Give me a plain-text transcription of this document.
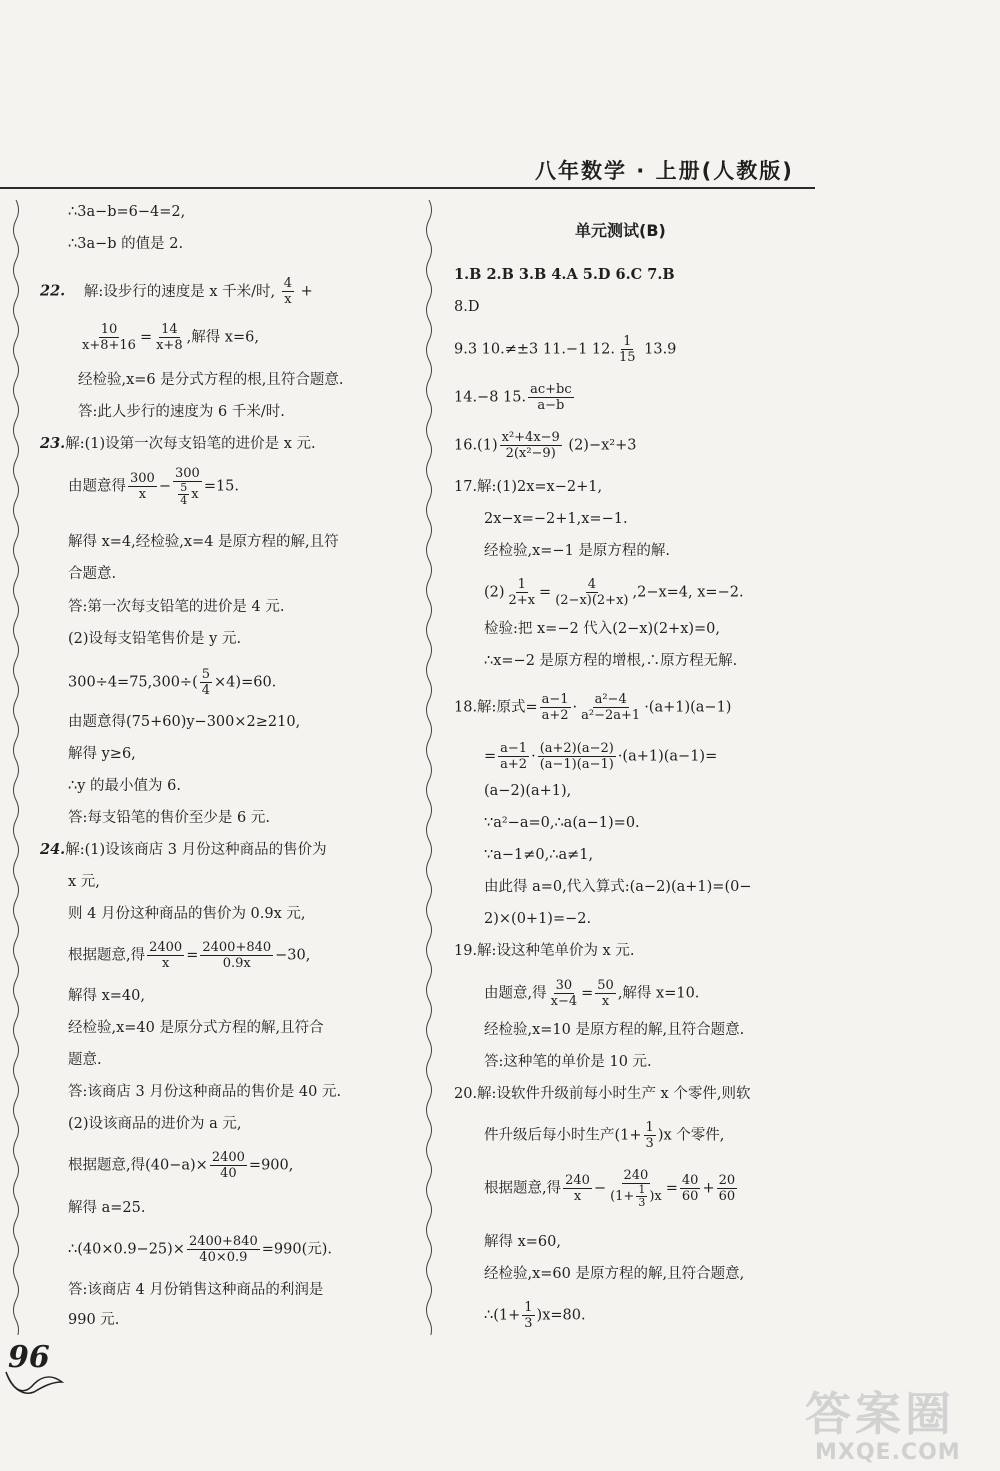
八年数学 · 上册(人教版)
∴3a−b=6−4=2,
∴3a−b 的值是 2.
22. 解:设步行的速度是 x 千米/时, $\frac{4}{x}$ +
$\frac{10}{x+8+16} = \frac{14}{x+8}$ ,解得 x=6,
经检验,x=6 是分式方程的根,且符合题意.
答:此人步行的速度为 6 千米/时.
23.解:(1)设第一次每支铅笔的进价是 x 元.
由题意得 $\frac{300}{x} - \frac{300}{\frac{5}{4} x} =15$.
解得 x=4,经检验,x=4 是原方程的解,且符
合题意.
答:第一次每支铅笔的进价是 4 元.
(2)设每支铅笔售价是 y 元.
$300\div 4=75,300\div( \frac{5}{4} \times 4)=60$.
由题意得(75+60)y−300×2≥210,
解得 y≥6,
∴y 的最小值为 6.
答:每支铅笔的售价至少是 6 元.
24.解:(1)设该商店 3 月份这种商品的售价为
x 元,
则 4 月份这种商品的售价为 0.9x 元,
根据题意,得 $\frac{2400}{x} = \frac{2400+840}{0.9x} -30$,
解得 x=40,
经检验,x=40 是原分式方程的解,且符合
题意.
答:该商店 3 月份这种商品的售价是 40 元.
(2)设该商品的进价为 a 元,
根据题意,得$(40-a)\times \frac{2400}{40} =900$,
解得 a=25.
∴(40×0.9−25)× $\frac{2400+840}{40\times 0.9} =990$(元).
答:该商店 4 月份销售这种商品的利润是
990 元.
单元测试(B)
1.B 2.B 3.B 4.A 5.D 6.C 7.B
8.D
9.3 10.≠±3 11.−1 12. $\frac{1}{15} 13.9$
14.−8 15. $\frac{ac+bc}{a-b}$
$16.(1) \frac{\text{x²+4x−9}}{\text{2(x²−9)}} (2)-x^2+3$
17.解:(1)2x=x−2+1,
2x−x=−2+1,x=−1.
经检验,x=−1 是原方程的解.
$(2) \frac{1}{2+x} = \frac{4}{(2-x)(2+x)} ,2-x=4$, x=−2.
检验:把 x=−2 代入(2−x)(2+x)=0,
∴x=−2 是原方程的增根,∴原方程无解.
18.解:原式= $\frac{a-1}{a+2} \cdot \frac{\text{a²−4}}{\text{a²−2a+1}} \cdot(a+1)(a-1)$
= $\frac{a-1}{a+2} \cdot \frac{(a+2)(a-2)}{(a-1)(a-1)} \cdot(a+1)(a-1)=$
(a−2)(a+1),
∵a²−a=0,∴a(a−1)=0.
∵a−1≠0,∴a≠1,
由此得 a=0,代入算式:(a−2)(a+1)=(0−
2)×(0+1)=−2.
19.解:设这种笔单价为 x 元.
由题意,得 $\frac{30}{x-4} = \frac{50}{x}$ ,解得 x=10.
经检验,x=10 是原方程的解,且符合题意.
答:这种笔的单价是 10 元.
20.解:设软件升级前每小时生产 x 个零件,则软
件升级后每小时生产$(1+ \frac{1}{3} )x$ 个零件,
根据题意,得 $\frac{240}{x} - \frac{240}{(1+ \frac{1}{3} )x} = \frac{40}{60} + \frac{20}{60}$
解得 x=60,
经检验,x=60 是原方程的解,且符合题意,
∴(1+ $\frac{1}{3} )x=80$.
96
答案圈
MXQE.COM
